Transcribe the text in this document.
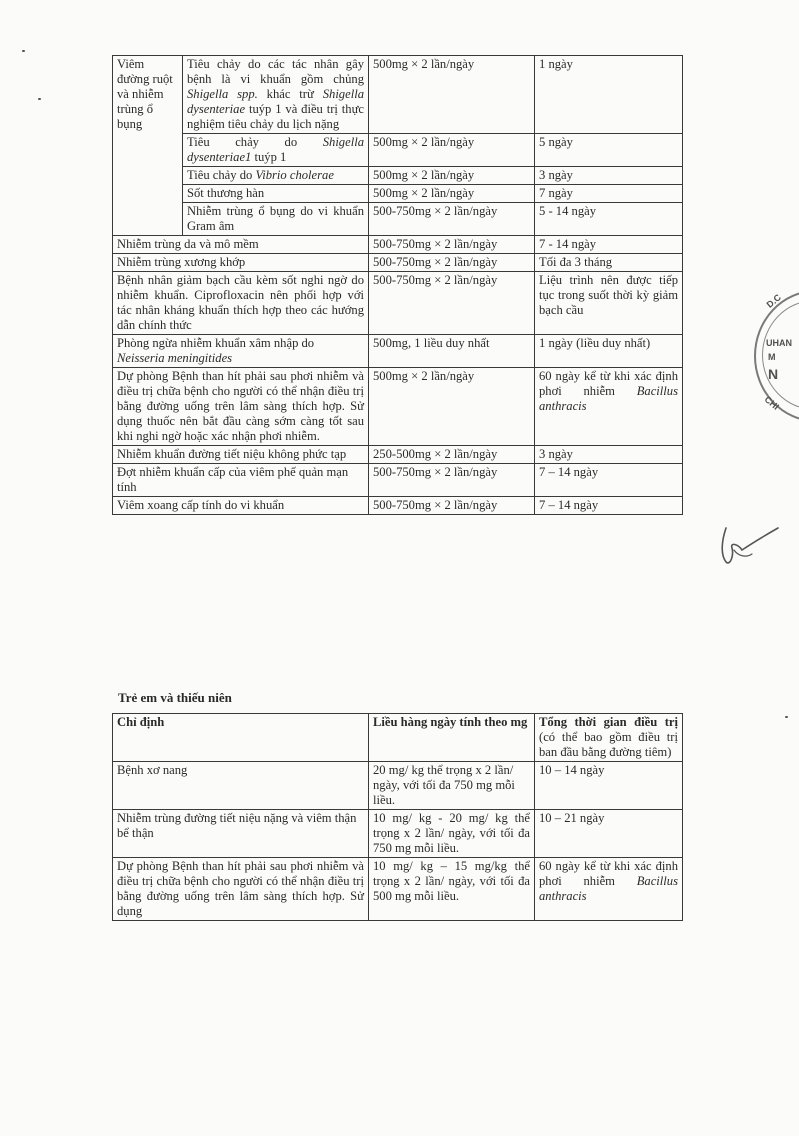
Viêm đường ruột và nhiễm trùng ổ bụng	Tiêu chảy do các tác nhân gây bệnh là vi khuẩn gồm chủng Shigella spp. khác trừ Shigella dysenteriae tuýp 1 và điều trị thực nghiệm tiêu chảy du lịch nặng	500mg × 2 lần/ngày	1 ngày
	Tiêu chảy do Shigella dysenteriae1 tuýp 1	500mg × 2 lần/ngày	5 ngày
	Tiêu chảy do Vibrio cholerae	500mg × 2 lần/ngày	3 ngày
	Sốt thương hàn	500mg × 2 lần/ngày	7 ngày
	Nhiễm trùng ổ bụng do vi khuẩn Gram âm	500-750mg × 2 lần/ngày	5 - 14 ngày
Nhiễm trùng da và mô mềm		500-750mg × 2 lần/ngày	7 - 14 ngày
Nhiễm trùng xương khớp		500-750mg × 2 lần/ngày	Tối đa 3 tháng
Bệnh nhân giảm bạch cầu kèm sốt nghi ngờ do nhiễm khuẩn. Ciprofloxacin nên phối hợp với tác nhân kháng khuẩn thích hợp theo các hướng dẫn chính thức		500-750mg × 2 lần/ngày	Liệu trình nên được tiếp tục trong suốt thời kỳ giảm bạch cầu
Phòng ngừa nhiễm khuẩn xâm nhập do Neisseria meningitides		500mg, 1 liều duy nhất	1 ngày (liều duy nhất)
Dự phòng Bệnh than hít phải sau phơi nhiễm và điều trị chữa bệnh cho người có thể nhận điều trị bằng đường uống trên lâm sàng thích hợp. Sử dụng thuốc nên bắt đầu càng sớm càng tốt sau khi nghi ngờ hoặc xác nhận phơi nhiễm.		500mg × 2 lần/ngày	60 ngày kể từ khi xác định phơi nhiễm Bacillus anthracis
Nhiễm khuẩn đường tiết niệu không phức tạp		250-500mg × 2 lần/ngày	3 ngày
Đợt nhiễm khuẩn cấp của viêm phế quản mạn tính		500-750mg × 2 lần/ngày	7 – 14 ngày
Viêm xoang cấp tính do vi khuẩn		500-750mg × 2 lần/ngày	7 – 14 ngày
Trẻ em và thiếu niên
Chỉ định	Liều hàng ngày tính theo mg	Tổng thời gian điều trị (có thể bao gồm điều trị ban đầu bằng đường tiêm)
Bệnh xơ nang	20 mg/ kg thể trọng x 2 lần/ ngày, với tối đa 750 mg mỗi liều.	10 – 14 ngày
Nhiễm trùng đường tiết niệu nặng và viêm thận bể thận	10 mg/ kg - 20 mg/ kg thể trọng x 2 lần/ ngày, với tối đa 750 mg mỗi liều.	10 – 21 ngày
Dự phòng Bệnh than hít phải sau phơi nhiễm và điều trị chữa bệnh cho người có thể nhận điều trị bằng đường uống trên lâm sàng thích hợp. Sử dụng	10 mg/ kg – 15 mg/kg thể trọng x 2 lần/ ngày, với tối đa 500 mg mỗi liều.	60 ngày kể từ khi xác định phơi nhiễm Bacillus anthracis
D.C
UHAN
M
N
CHI
